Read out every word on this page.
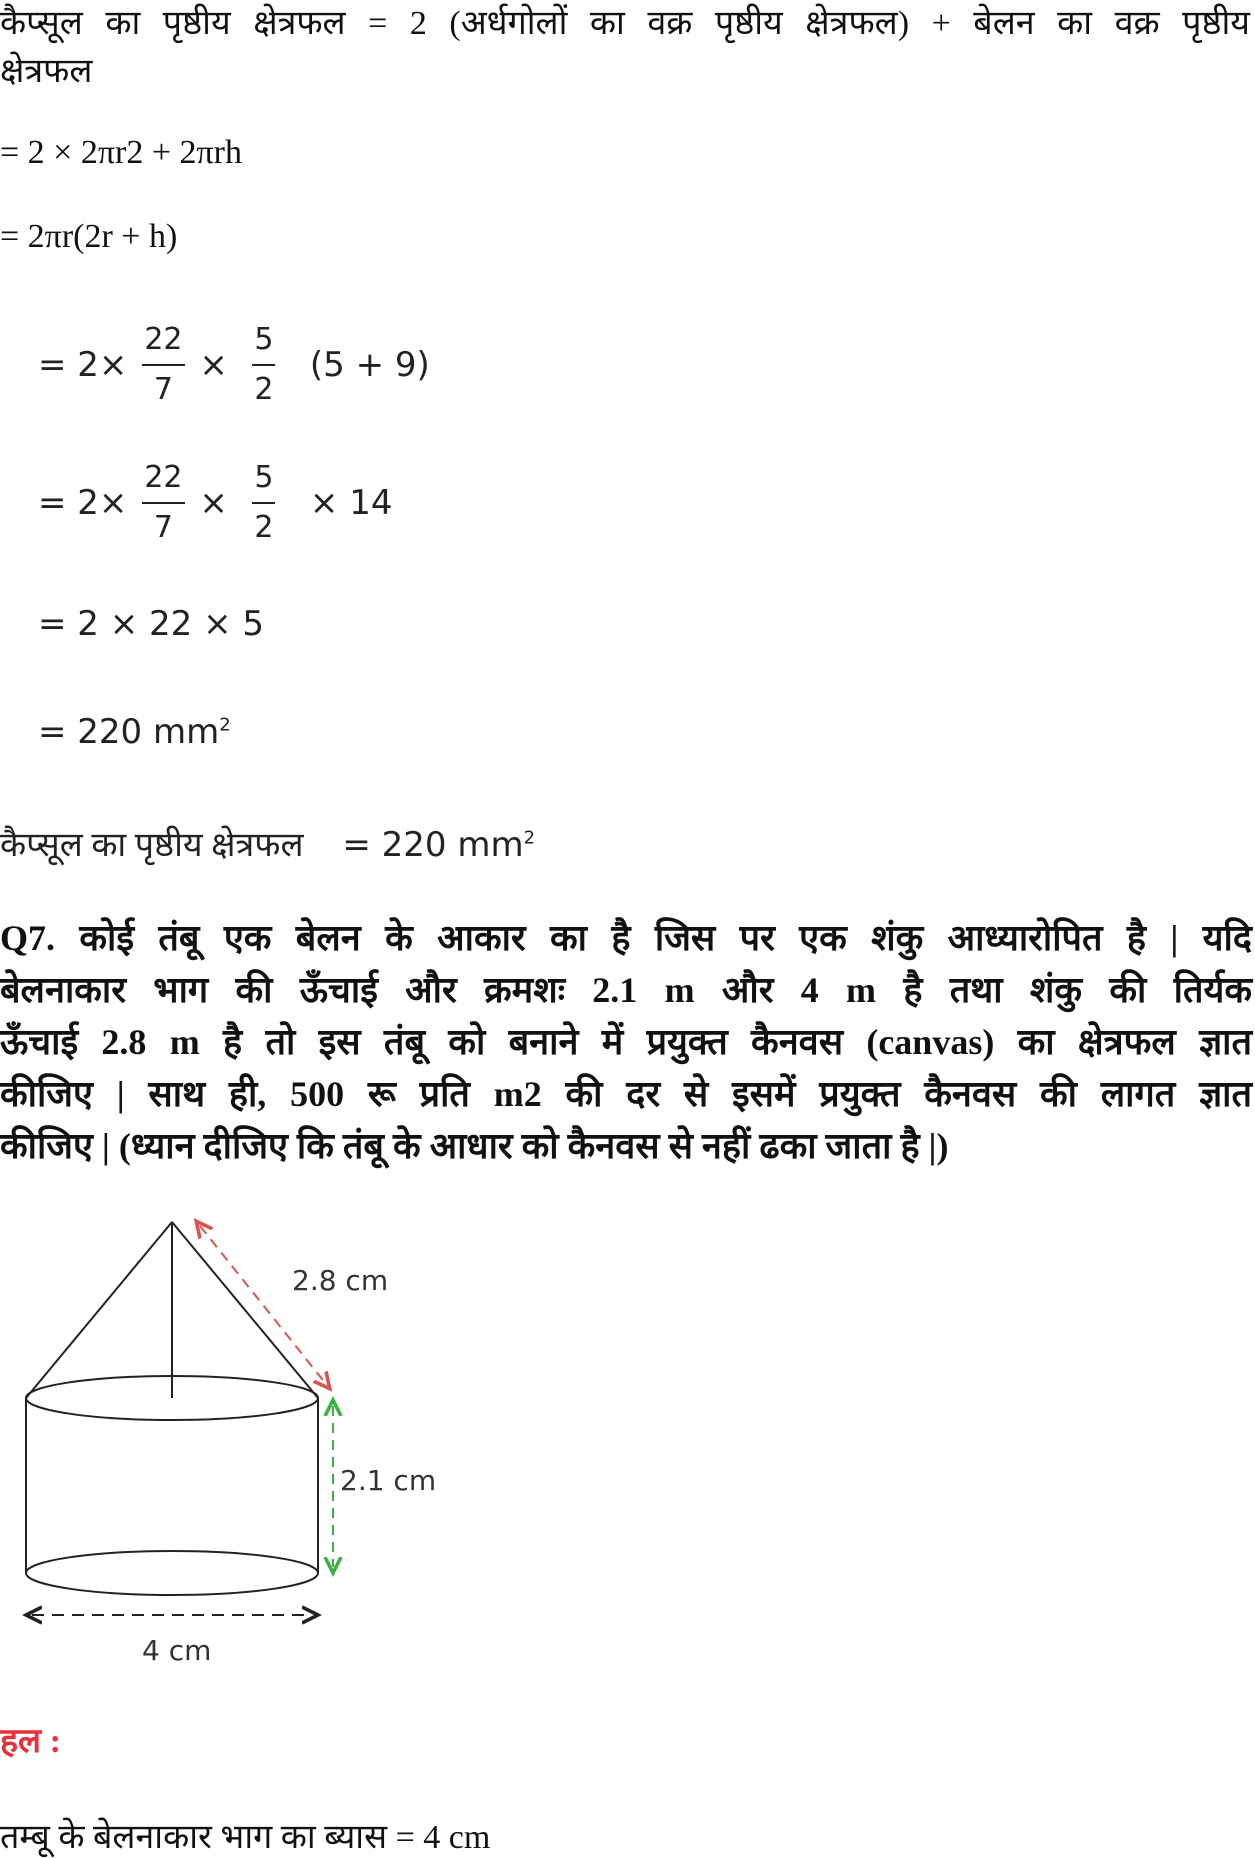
कैप्सूल का पृष्ठीय क्षेत्रफल = 2 (अर्धगोलों का वक्र पृष्ठीय क्षेत्रफल) + बेलन का वक्र पृष्ठीय
क्षेत्रफल
= 2 × 2πr2 + 2πrh
= 2πr(2r + h)
= $2\times \frac{22}{7} \times \frac{5}{2} (5 + 9)$
= $2\times \frac{22}{7} \times \frac{5}{2} \times 14$
= 2 × 22 × 5
= 220 $mm^2$
कैप्सूल का पृष्ठीय क्षेत्रफल = 220 $mm^2$
Q7. कोई तंबू एक बेलन के आकार का है जिस पर एक शंकु आध्यारोपित है | यदि
बेलनाकार भाग की ऊँचाई और क्रमशः 2.1 m और 4 m है तथा शंकु की तिर्यक
ऊँचाई 2.8 m है तो इस तंबू को बनाने में प्रयुक्त कैनवस (canvas) का क्षेत्रफल ज्ञात
कीजिए | साथ ही, 500 रू प्रति m2 की दर से इसमें प्रयुक्त कैनवस की लागत ज्ञात
कीजिए | (ध्यान दीजिए कि तंबू के आधार को कैनवस से नहीं ढका जाता है |)
2.8 cm
2.1 cm
4 cm
हल :
तम्बू के बेलनाकार भाग का ब्यास = 4 cm
